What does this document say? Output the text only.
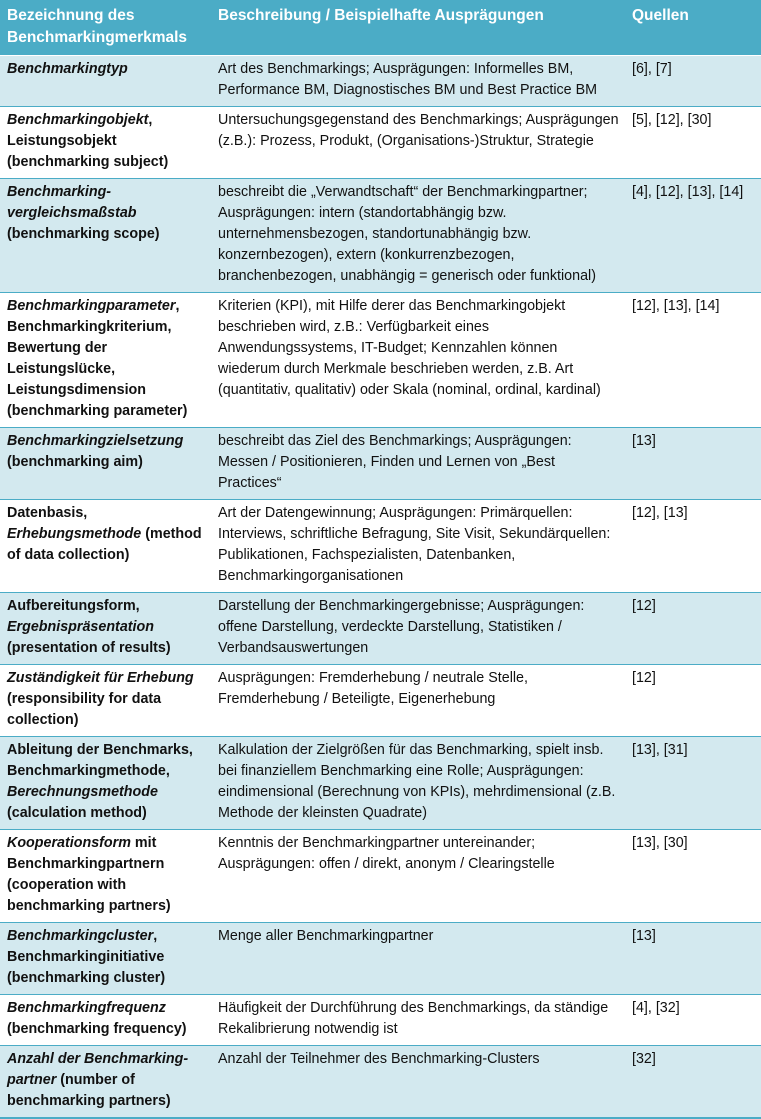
Bezeichnung des Benchmarkingmerkmals	Beschreibung / Beispielhafte Ausprägungen	Quellen
Benchmarkingtyp	Art des Benchmarkings; Ausprägungen: Informelles BM, Performance BM, Diagnostisches BM und Best Practice BM	[6], [7]
Benchmarkingobjekt, Leistungsobjekt (benchmarking subject)	Untersuchungsgegenstand des Benchmarkings; Ausprägungen (z.B.): Prozess, Produkt, (Organisations-)Struktur, Strategie	[5], [12], [30]
Benchmarking-vergleichsmaßstab (benchmarking scope)	beschreibt die „Verwandtschaft“ der Benchmarkingpartner; Ausprägungen: intern (standortabhängig bzw. unternehmensbezogen, standortunabhängig bzw. konzernbezogen), extern (konkurrenzbezogen, branchenbezogen, unabhängig = generisch oder funktional)	[4], [12], [13], [14]
Benchmarkingparameter, Benchmarkingkriterium, Bewertung der Leistungslücke, Leistungsdimension (benchmarking parameter)	Kriterien (KPI), mit Hilfe derer das Benchmarkingobjekt beschrieben wird, z.B.: Verfügbarkeit eines Anwendungssystems, IT-Budget; Kennzahlen können wiederum durch Merkmale beschrieben werden, z.B. Art (quantitativ, qualitativ) oder Skala (nominal, ordinal, kardinal)	[12], [13], [14]
Benchmarkingzielsetzung (benchmarking aim)	beschreibt das Ziel des Benchmarkings; Ausprägungen: Messen / Positionieren, Finden und Lernen von „Best Practices“	[13]
Datenbasis, Erhebungsmethode (method of data collection)	Art der Datengewinnung; Ausprägungen: Primärquellen: Interviews, schriftliche Befragung, Site Visit, Sekundärquellen: Publikationen, Fachspezialisten, Datenbanken, Benchmarkingorganisationen	[12], [13]
Aufbereitungsform, Ergebnispräsentation (presentation of results)	Darstellung der Benchmarkingergebnisse; Ausprägungen: offene Darstellung, verdeckte Darstellung, Statistiken / Verbandsauswertungen	[12]
Zuständigkeit für Erhebung (responsibility for data collection)	Ausprägungen: Fremderhebung / neutrale Stelle, Fremderhebung / Beteiligte, Eigenerhebung	[12]
Ableitung der Benchmarks, Benchmarkingmethode, Berechnungsmethode (calculation method)	Kalkulation der Zielgrößen für das Benchmarking, spielt insb. bei finanziellem Benchmarking eine Rolle; Ausprägungen: eindimensional (Berechnung von KPIs), mehrdimensional (z.B. Methode der kleinsten Quadrate)	[13], [31]
Kooperationsform mit Benchmarkingpartnern (cooperation with benchmarking partners)	Kenntnis der Benchmarkingpartner untereinander; Ausprägungen: offen / direkt, anonym / Clearingstelle	[13], [30]
Benchmarkingcluster, Benchmarkinginitiative (benchmarking cluster)	Menge aller Benchmarkingpartner	[13]
Benchmarkingfrequenz (benchmarking frequency)	Häufigkeit der Durchführung des Benchmarkings, da ständige Rekalibrierung notwendig ist	[4], [32]
Anzahl der Benchmarking-partner (number of benchmarking partners)	Anzahl der Teilnehmer des Benchmarking-Clusters	[32]
